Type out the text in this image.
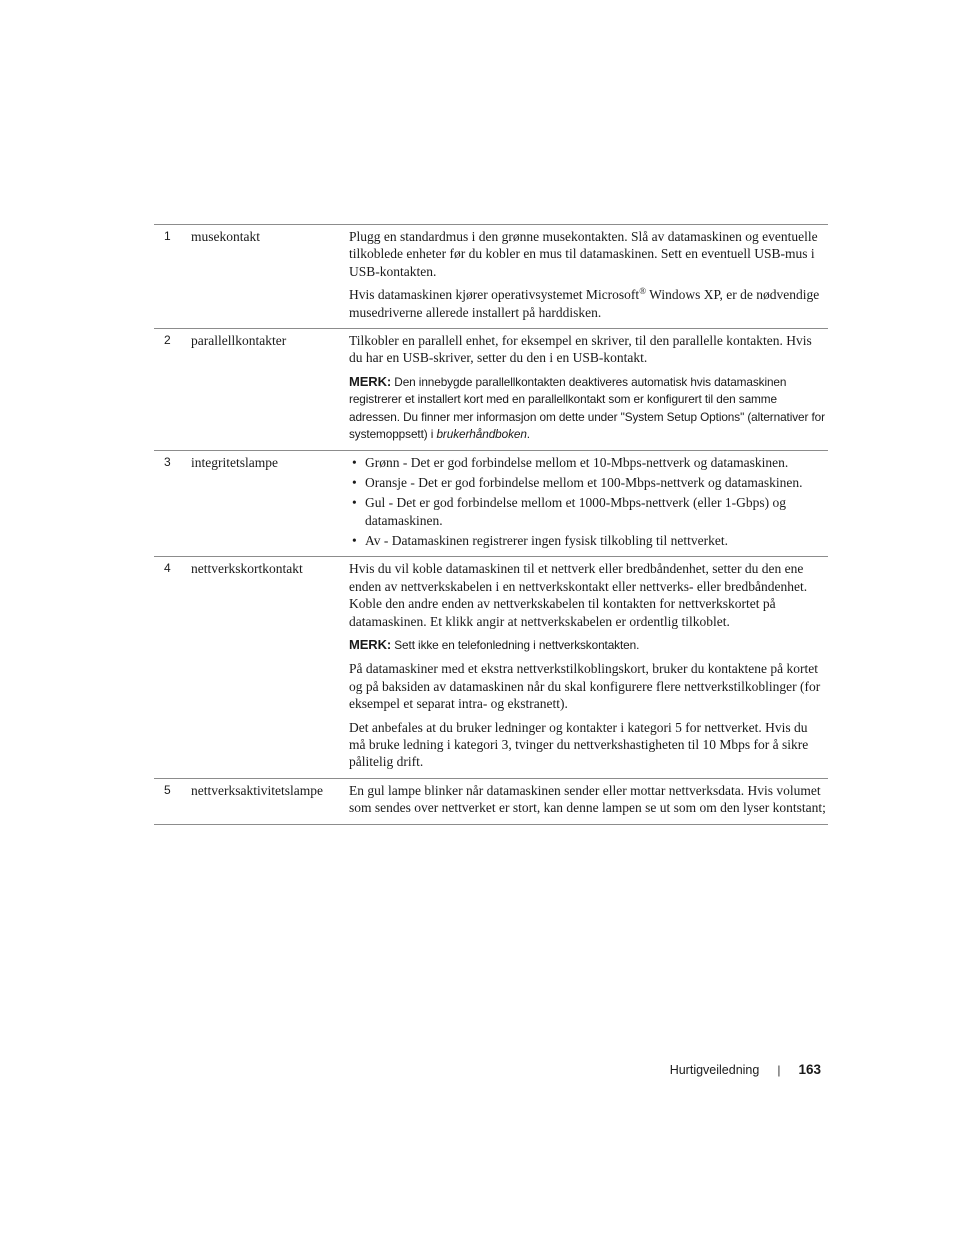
1 musekontakt	Plugg en standardmus i den grønne musekontakten. Slå av datamaskinen og eventuelle tilkoblede enheter før du kobler en mus til datamaskinen. Sett en eventuell USB-mus i USB-kontakten.

Hvis datamaskinen kjører operativsystemet Microsoft® Windows XP, er de nødvendige musedriverne allerede installert på harddisken.

2 parallellkontakter	Tilkobler en parallell enhet, for eksempel en skriver, til den parallelle kontakten. Hvis du har en USB-skriver, setter du den i en USB-kontakt.

MERK: Den innebygde parallellkontakten deaktiveres automatisk hvis datamaskinen registrerer et installert kort med en parallellkontakt som er konfigurert til den samme adressen. Du finner mer informasjon om dette under "System Setup Options" (alternativer for systemoppsett) i brukerhåndboken.

3 integritetslampe	• Grønn - Det er god forbindelse mellom et 10-Mbps-nettverk og datamaskinen.
• Oransje - Det er god forbindelse mellom et 100-Mbps-nettverk og datamaskinen.
• Gul - Det er god forbindelse mellom et 1000-Mbps-nettverk (eller 1-Gbps) og datamaskinen.
• Av - Datamaskinen registrerer ingen fysisk tilkobling til nettverket.
4 nettverkskortkontakt	Hvis du vil koble datamaskinen til et nettverk eller bredbåndenhet, setter du den ene enden av nettverkskabelen i en nettverkskontakt eller nettverks- eller bredbåndenhet. Koble den andre enden av nettverkskabelen til kontakten for nettverkskortet på datamaskinen. Et klikk angir at nettverkskabelen er ordentlig tilkoblet.

MERK: Sett ikke en telefonledning i nettverkskontakten.

På datamaskiner med et ekstra nettverkstilkoblingskort, bruker du kontaktene på kortet og på baksiden av datamaskinen når du skal konfigurere flere nettverkstilkoblinger (for eksempel et separat intra- og ekstranett).

Det anbefales at du bruker ledninger og kontakter i kategori 5 for nettverket. Hvis du må bruke ledning i kategori 3, tvinger du nettverkshastigheten til 10 Mbps for å sikre pålitelig drift.

5 nettverksaktivitetslampe En gul lampe blinker når datamaskinen sender eller mottar nettverksdata. Hvis volumet som sendes over nettverket er stort, kan denne lampen se ut som om den lyser kontstant;

Hurtigveiledning | 163
